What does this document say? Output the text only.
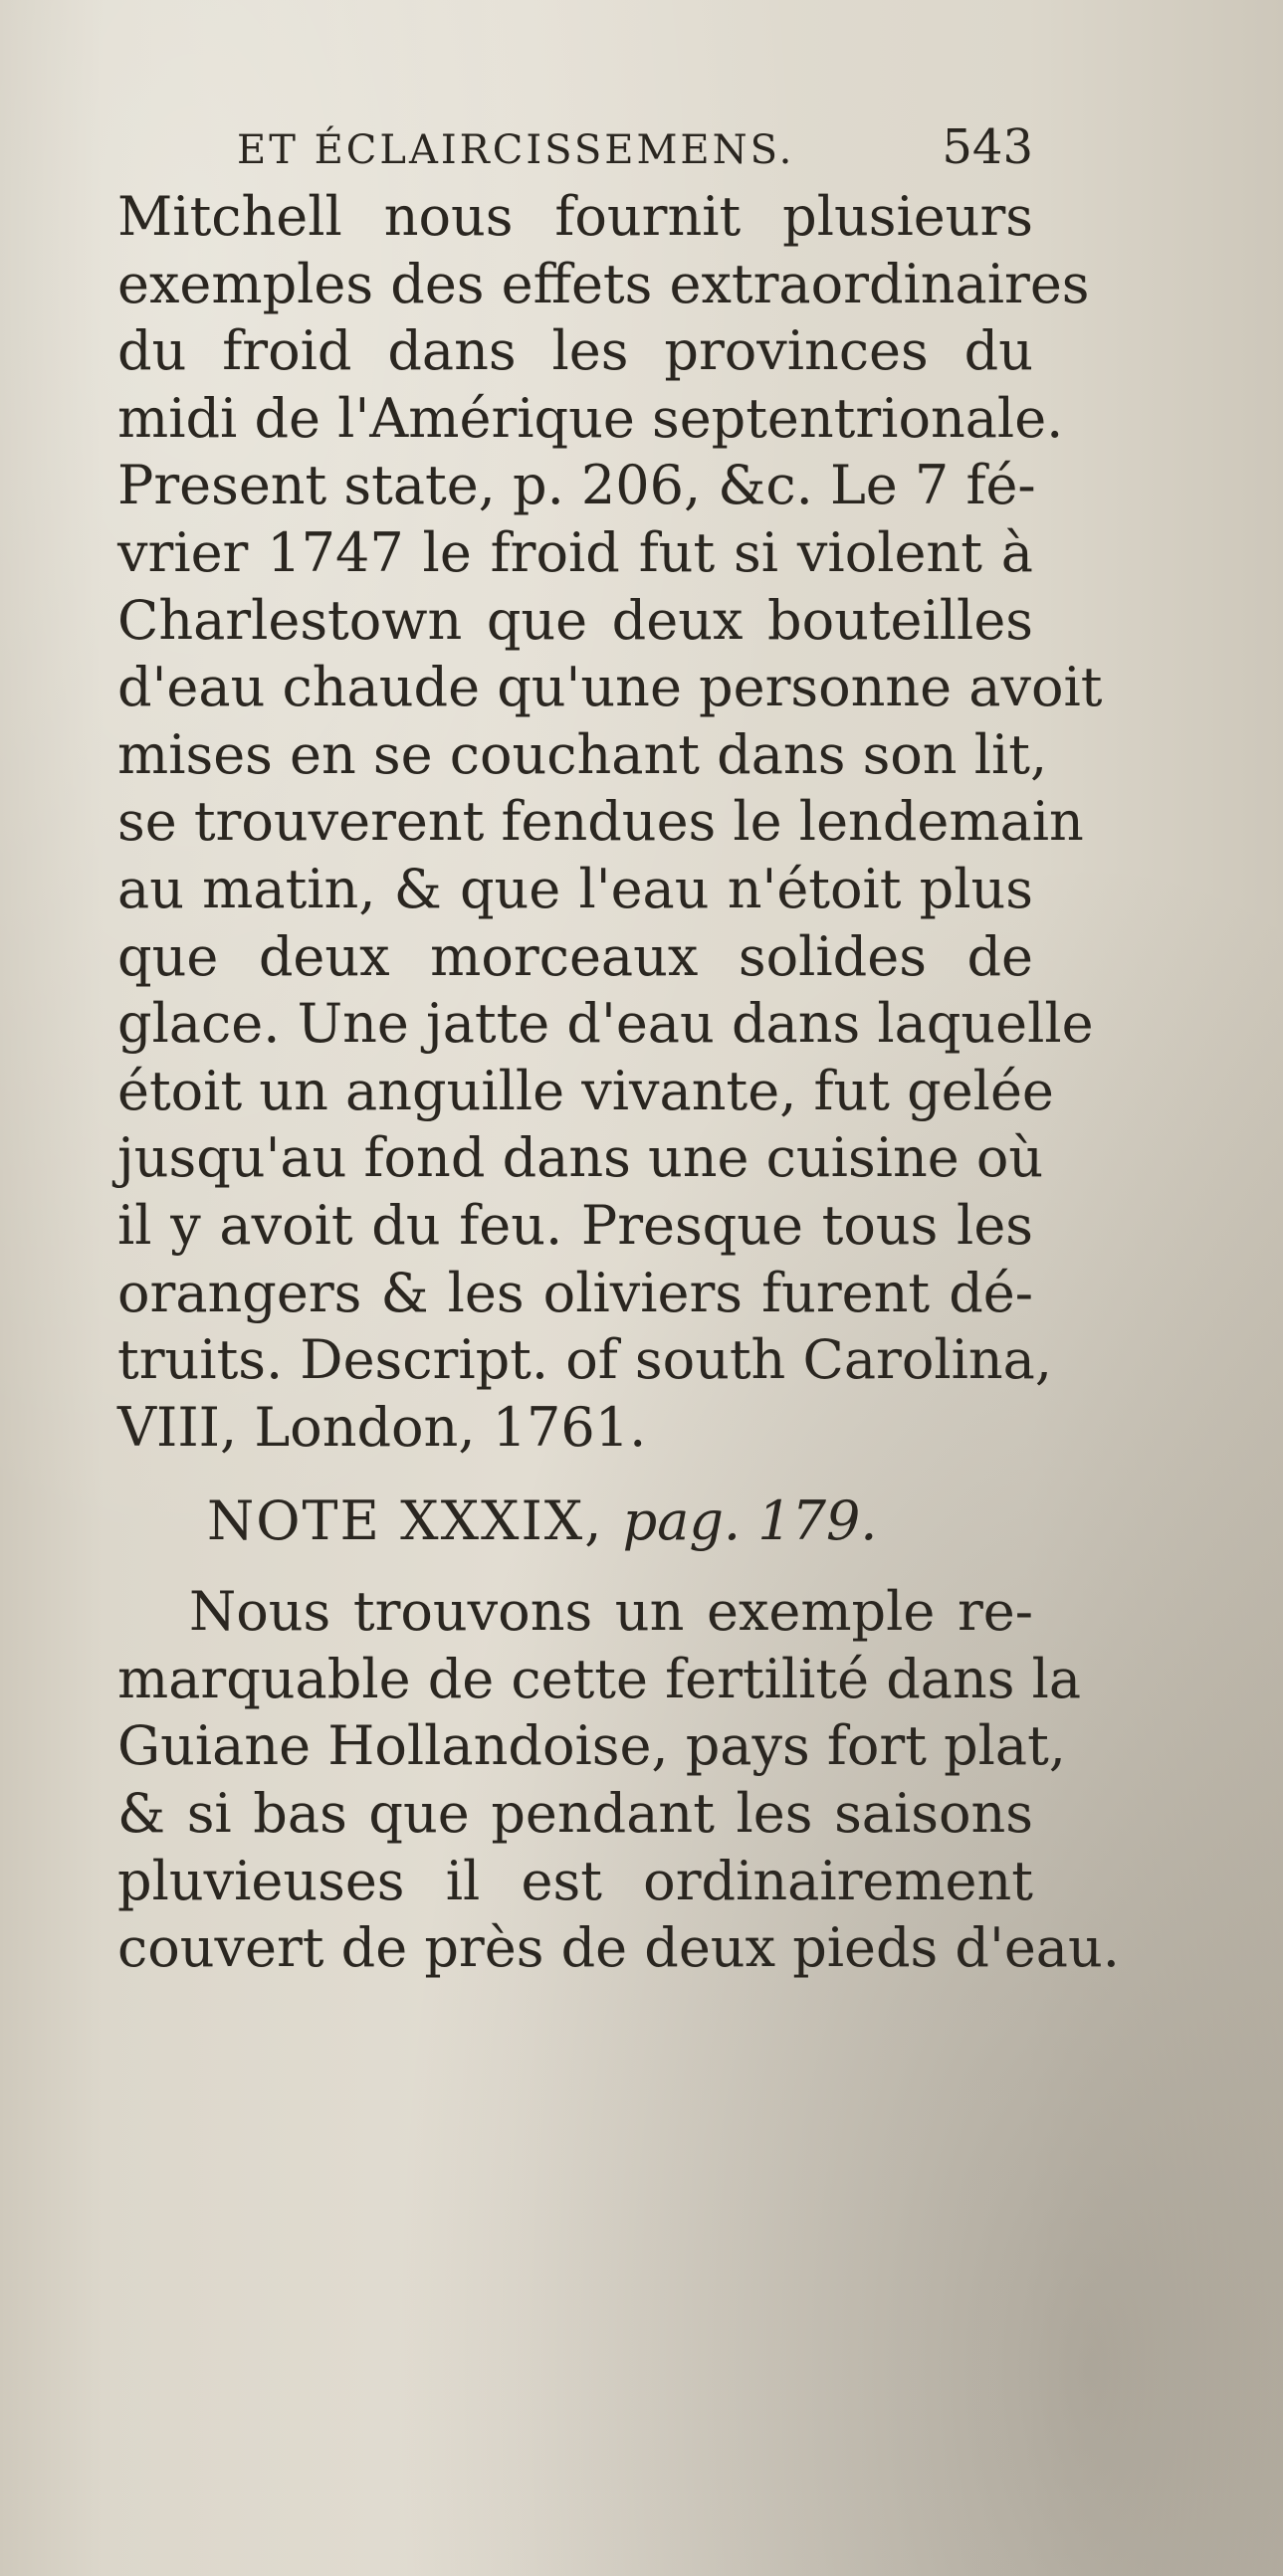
ET ÉCLAIRCISSEMENS.	543
Mitchell nous fournit plusieurs
exemples des effets extraordinaires
du froid dans les provinces du
midi de l'Amérique septentrionale.
Present state, p. 206, &c. Le 7 fé-
vrier 1747 le froid fut si violent à
Charlestown que deux bouteilles
d'eau chaude qu'une personne avoit
mises en se couchant dans son lit,
se trouverent fendues le lendemain
au matin, & que l'eau n'étoit plus
que deux morceaux solides de
glace. Une jatte d'eau dans laquelle
étoit un anguille vivante, fut gelée
jusqu'au fond dans une cuisine où
il y avoit du feu. Presque tous les
orangers & les oliviers furent dé-
truits. Descript. of south Carolina,
VIII, London, 1761.
NOTE XXXIX, pag. 179.
Nous trouvons un exemple re-
marquable de cette fertilité dans la
Guiane Hollandoise, pays fort plat,
& si bas que pendant les saisons
pluvieuses il est ordinairement
couvert de près de deux pieds d'eau.
